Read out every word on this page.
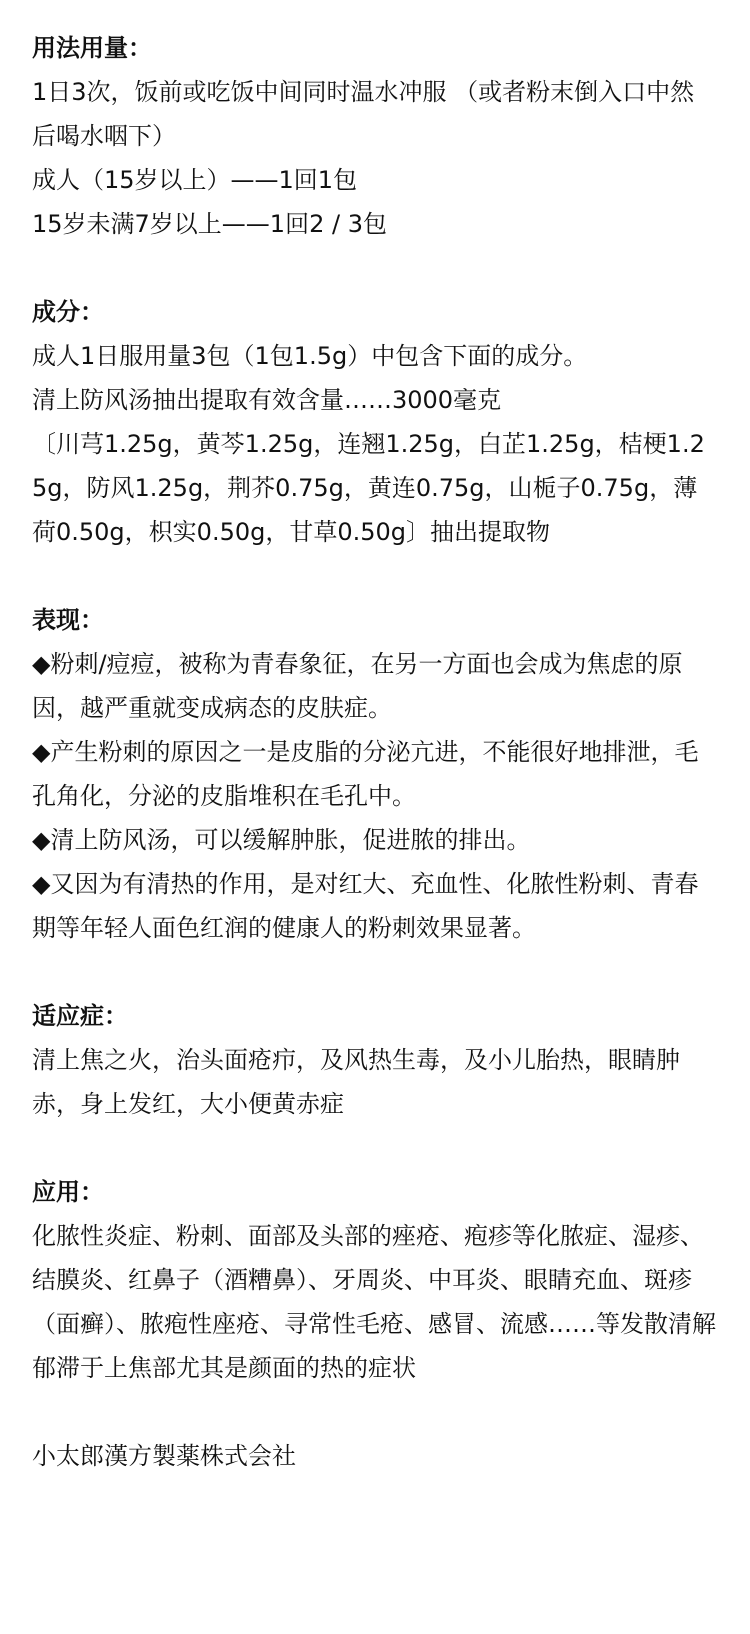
用法用量：

1日3次，饭前或吃饭中间同时温水冲服 （或者粉末倒入口中然后喝水咽下）

成人（15岁以上）——1回1包

15岁未满7岁以上——1回2 / 3包

成分：

成人1日服用量3包（1包1.5g）中包含下面的成分。

清上防风汤抽出提取有效含量……3000毫克

〔川芎1.25g，黄芩1.25g，连翘1.25g，白芷1.25g，桔梗1.25g，防风1.25g，荆芥0.75g，黄连0.75g，山栀子0.75g，薄荷0.50g，枳实0.50g，甘草0.50g〕抽出提取物

表现：

◆粉刺/痘痘，被称为青春象征，在另一方面也会成为焦虑的原因，越严重就变成病态的皮肤症。

◆产生粉刺的原因之一是皮脂的分泌亢进，不能很好地排泄，毛孔角化，分泌的皮脂堆积在毛孔中。

◆清上防风汤，可以缓解肿胀，促进脓的排出。

◆又因为有清热的作用，是对红大、充血性、化脓性粉刺、青春期等年轻人面色红润的健康人的粉刺效果显著。

适应症：

清上焦之火，治头面疮疖，及风热生毒，及小儿胎热，眼睛肿赤，身上发红，大小便黄赤症

应用：

化脓性炎症、粉刺、面部及头部的痤疮、疱疹等化脓症、湿疹、结膜炎、红鼻子（酒糟鼻）、牙周炎、中耳炎、眼睛充血、斑疹（面癣）、脓疱性座疮、寻常性毛疮、感冒、流感……等发散清解郁滞于上焦部尤其是颜面的热的症状

小太郎漢方製薬株式会社
